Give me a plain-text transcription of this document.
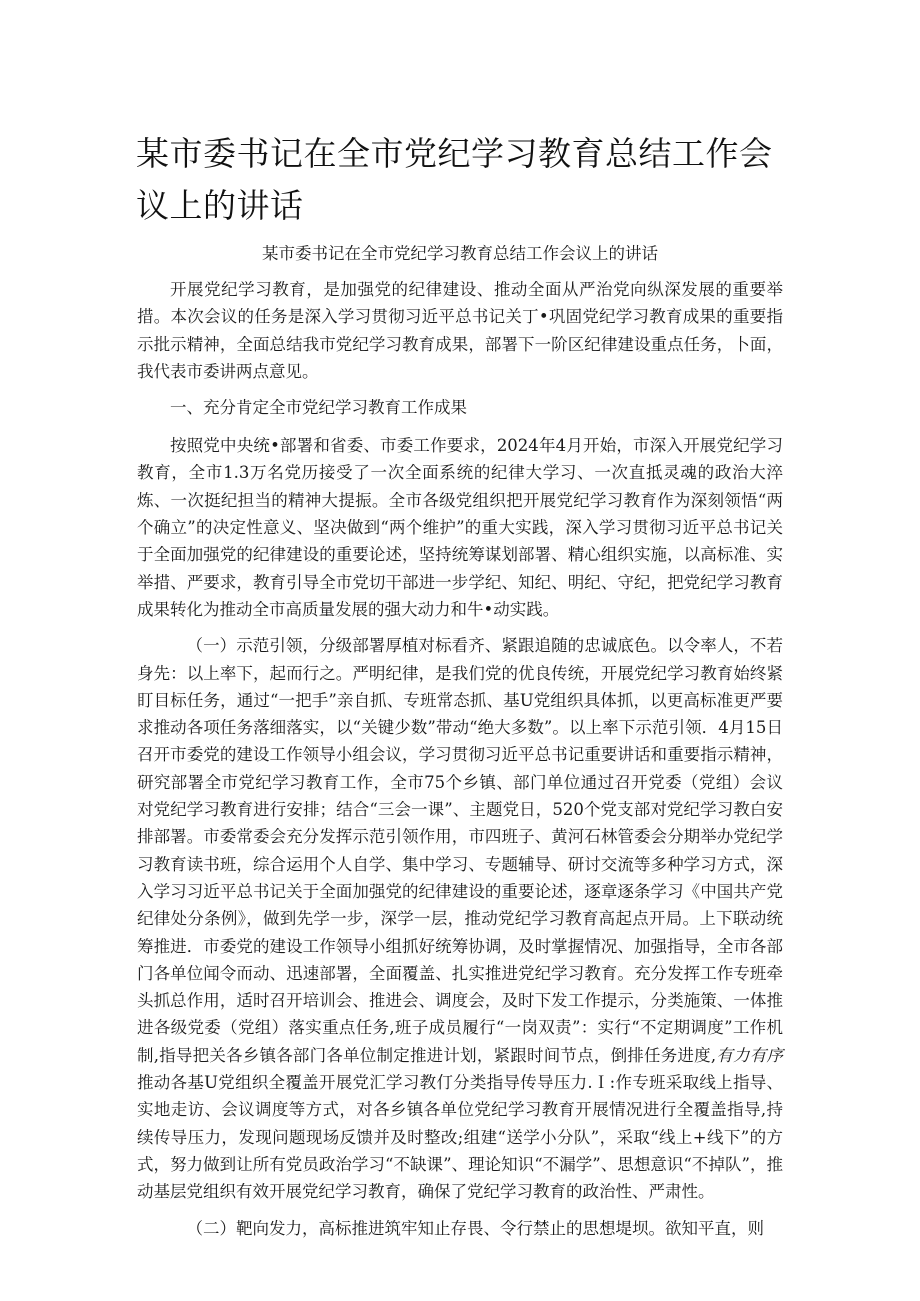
某市委书记在全市党纪学习教育总结工作会议上的讲话

某市委书记在全市党纪学习教育总结工作会议上的讲话

开展党纪学习教育，是加强党的纪律建设、推动全面从严治党向纵深发展的重要举措。本次会议的任务是深入学习贯彻习近平总书记关丁•巩固党纪学习教育成果的重要指示批示精神，全面总结我市党纪学习教育成果，部署下一阶区纪律建设重点任务，卜面，我代表市委讲两点意见。

一、充分肯定全市党纪学习教育工作成果

按照党中央统•部署和省委、市委工作要求，2024年4月开始，市深入开展党纪学习教育，全市1.3万名党历接受了一次全面系统的纪律大学习、一次直抵灵魂的政治大淬炼、一次挺纪担当的精神大提振。全市各级党组织把开展党纪学习教育作为深刻领悟“两个确立”的决定性意义、坚决做到“两个维护”的重大实践，深入学习贯彻习近平总书记关于全面加强党的纪律建设的重要论述，坚持统筹谋划部署、精心组织实施，以高标准、实举措、严要求，教育引导全市党切干部进一步学纪、知纪、明纪、守纪，把党纪学习教育成果转化为推动全市高质量发展的强大动力和牛•动实践。

（一）示范引领，分级部署厚植对标看齐、紧跟追随的忠诚底色。以令率人，不若身先：以上率下，起而行之。严明纪律，是我们党的优良传统，开展党纪学习教育始终紧盯目标任务，通过“一把手”亲自抓、专班常态抓、基U党组织具体抓，以更高标准更严要求推动各项任务落细落实，以“关键少数”带动“绝大多数”。以上率下示范引领．4月15日召开市委党的建设工作领导小组会议，学习贯彻习近平总书记重要讲话和重要指示精神，研究部署全市党纪学习教育工作，全市75个乡镇、部门单位通过召开党委（党组）会议对党纪学习教育进行安排；结合“三会一课”、主题党日，520个党支部对党纪学习教白安排部署。市委常委会充分发挥示范引领作用，市四班子、黄河石林管委会分期举办党纪学习教育读书班，综合运用个人自学、集中学习、专题辅导、研讨交流等多种学习方式，深入学习习近平总书记关于全面加强党的纪律建设的重要论述，逐章逐条学习《中国共产党纪律处分条例》，做到先学一步，深学一层，推动党纪学习教育高起点开局。上下联动统筹推进．市委党的建设工作领导小组抓好统筹协调，及时掌握情况、加强指导，全市各部门各单位闻令而动、迅速部署，全面覆盖、扎实推进党纪学习教育。充分发挥工作专班牵头抓总作用，适时召开培训会、推进会、调度会，及时下发工作提示，分类施策、一体推进各级党委（党组）落实重点任务,班子成员履行“一岗双责”：实行“不定期调度”工作机制,指导把关各乡镇各部门各单位制定推进计划，紧跟时间节点，倒排任务进度,有力有序推动各基U党组织全覆盖开展党汇学习教仃分类指导传导压力.Ｉ:作专班采取线上指导、实地走访、会议调度等方式，对各乡镇各单位党纪学习教育开展情况进行全覆盖指导,持续传导压力，发现问题现场反馈并及时整改;组建“送学小分队”，采取“线上+线下”的方式，努力做到让所有党员政治学习“不缺课”、理论知识“不漏学”、思想意识“不掉队”，推动基层党组织有效开展党纪学习教育，确保了党纪学习教育的政治性、严肃性。

（二）靶向发力，高标推进筑牢知止存畏、令行禁止的思想堤坝。欲知平直，则
